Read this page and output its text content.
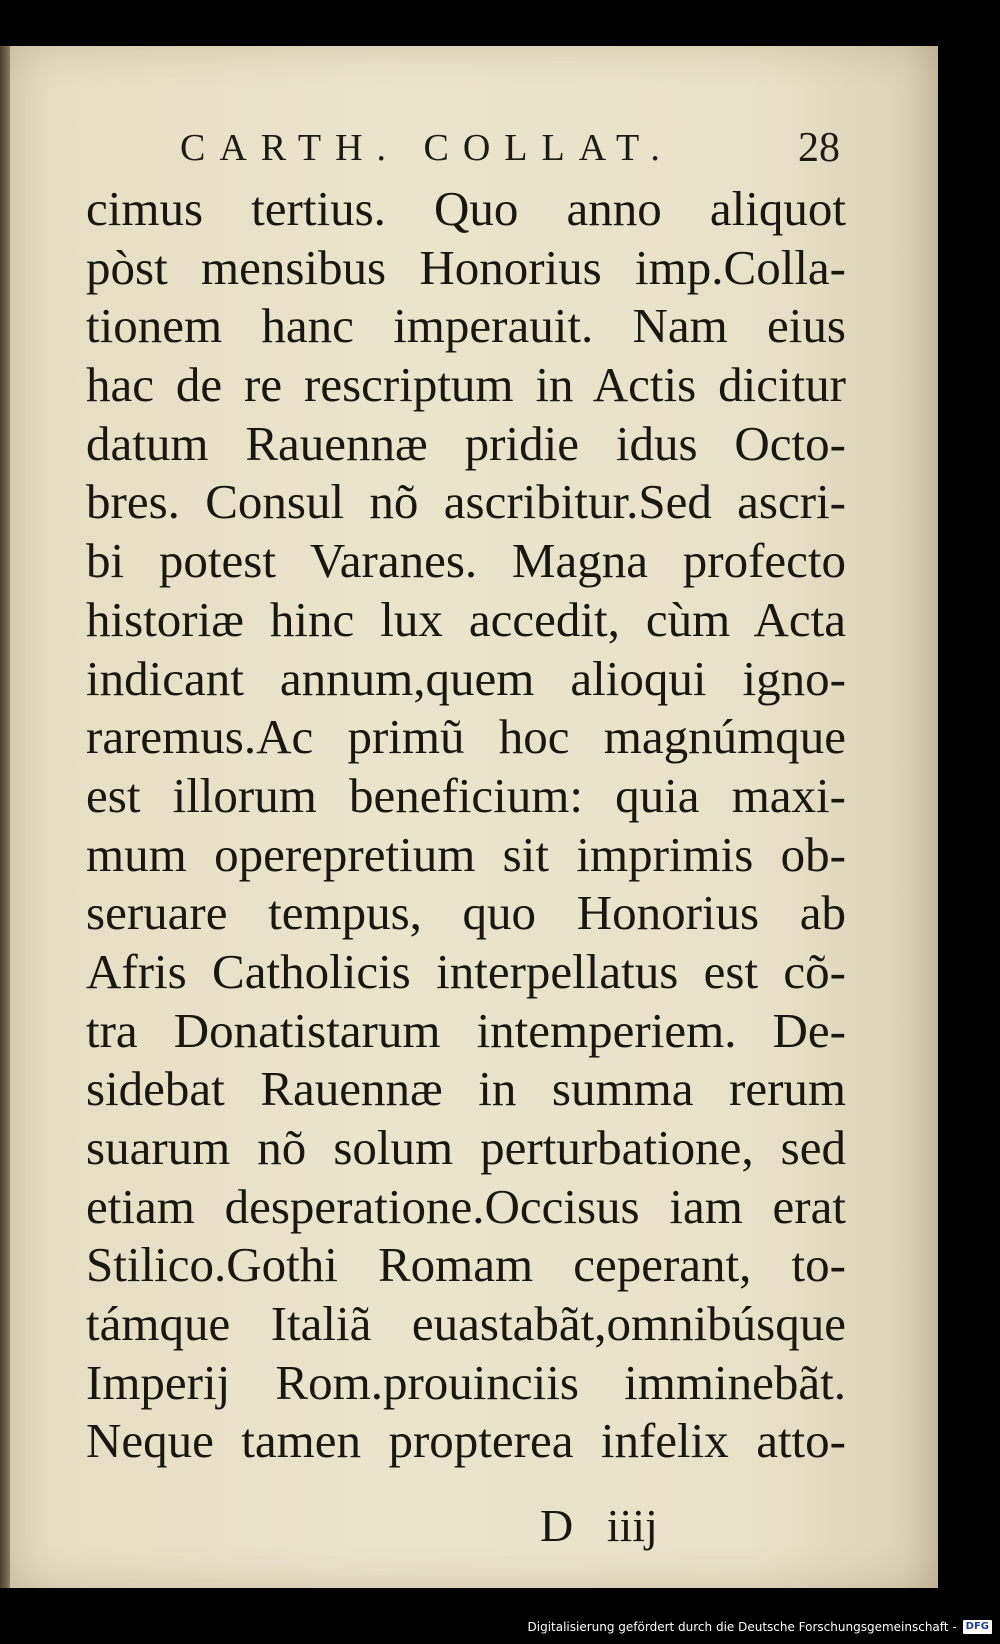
CARTH. COLLAT.	28
cimus tertius. Quo anno aliquot
pòst mensibus Honorius imp.Colla-
tionem hanc imperauit. Nam eius
hac de re rescriptum in Actis dicitur
datum Rauennæ pridie idus Octo-
bres. Consul nõ ascribitur.Sed ascri-
bi potest Varanes. Magna profecto
historiæ hinc lux accedit, cùm Acta
indicant annum,quem alioqui igno-
raremus.Ac primũ hoc magnúmque
est illorum beneficium: quia maxi-
mum operepretium sit imprimis ob-
seruare tempus, quo Honorius ab
Afris Catholicis interpellatus est cõ-
tra Donatistarum intemperiem. De-
sidebat Rauennæ in summa rerum
suarum nõ solum perturbatione, sed
etiam desperatione.Occisus iam erat
Stilico.Gothi Romam ceperant, to-
támque Italiã euastabãt,omnibúsque
Imperij Rom.prouinciis imminebãt.
Neque tamen propterea infelix atto-
D iiij
Digitalisierung gefördert durch die Deutsche Forschungsgemeinschaft - DFG
